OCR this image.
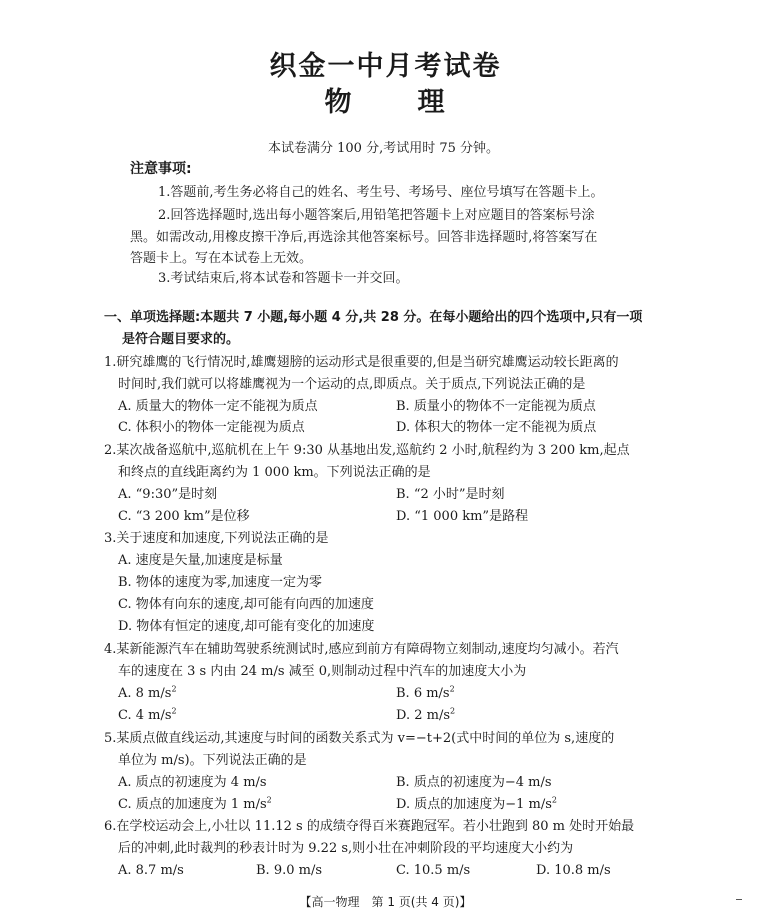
织金一中月考试卷
物 理
本试卷满分 100 分,考试用时 75 分钟。
注意事项:
1.答题前,考生务必将自己的姓名、考生号、考场号、座位号填写在答题卡上。
2.回答选择题时,选出每小题答案后,用铅笔把答题卡上对应题目的答案标号涂
黑。如需改动,用橡皮擦干净后,再选涂其他答案标号。回答非选择题时,将答案写在
答题卡上。写在本试卷上无效。
3.考试结束后,将本试卷和答题卡一并交回。
一、单项选择题:本题共 7 小题,每小题 4 分,共 28 分。在每小题给出的四个选项中,只有一项
是符合题目要求的。
1.研究雄鹰的飞行情况时,雄鹰翅膀的运动形式是很重要的,但是当研究雄鹰运动较长距离的
时间时,我们就可以将雄鹰视为一个运动的点,即质点。关于质点,下列说法正确的是
A. 质量大的物体一定不能视为质点	B. 质量小的物体不一定能视为质点
C. 体积小的物体一定能视为质点	D. 体积大的物体一定不能视为质点
2.某次战备巡航中,巡航机在上午 9:30 从基地出发,巡航约 2 小时,航程约为 3 200 km,起点
和终点的直线距离约为 1 000 km。下列说法正确的是
A. “9:30”是时刻	B. “2 小时”是时刻
C. “3 200 km”是位移	D. “1 000 km”是路程
3.关于速度和加速度,下列说法正确的是
A. 速度是矢量,加速度是标量
B. 物体的速度为零,加速度一定为零
C. 物体有向东的速度,却可能有向西的加速度
D. 物体有恒定的速度,却可能有变化的加速度
4.某新能源汽车在辅助驾驶系统测试时,感应到前方有障碍物立刻制动,速度均匀减小。若汽
车的速度在 3 s 内由 24 m/s 减至 0,则制动过程中汽车的加速度大小为
A. 8 $m/s^2$	B. 6 $m/s^2$
C. 4 $m/s^2$	D. 2 $m/s^2$
5.某质点做直线运动,其速度与时间的函数关系式为 v=−t+2(式中时间的单位为 s,速度的
单位为 m/s)。下列说法正确的是
A. 质点的初速度为 4 m/s	B. 质点的初速度为−4 m/s
C. 质点的加速度为 1 $m/s^2$	D. 质点的加速度为−1 $m/s^2$
6.在学校运动会上,小壮以 11.12 s 的成绩夺得百米赛跑冠军。若小壮跑到 80 m 处时开始最
后的冲刺,此时裁判的秒表计时为 9.22 s,则小壮在冲刺阶段的平均速度大小约为
A. 8.7 m/s	B. 9.0 m/s	C. 10.5 m/s	D. 10.8 m/s
【高一物理　第 1 页(共 4 页)】
